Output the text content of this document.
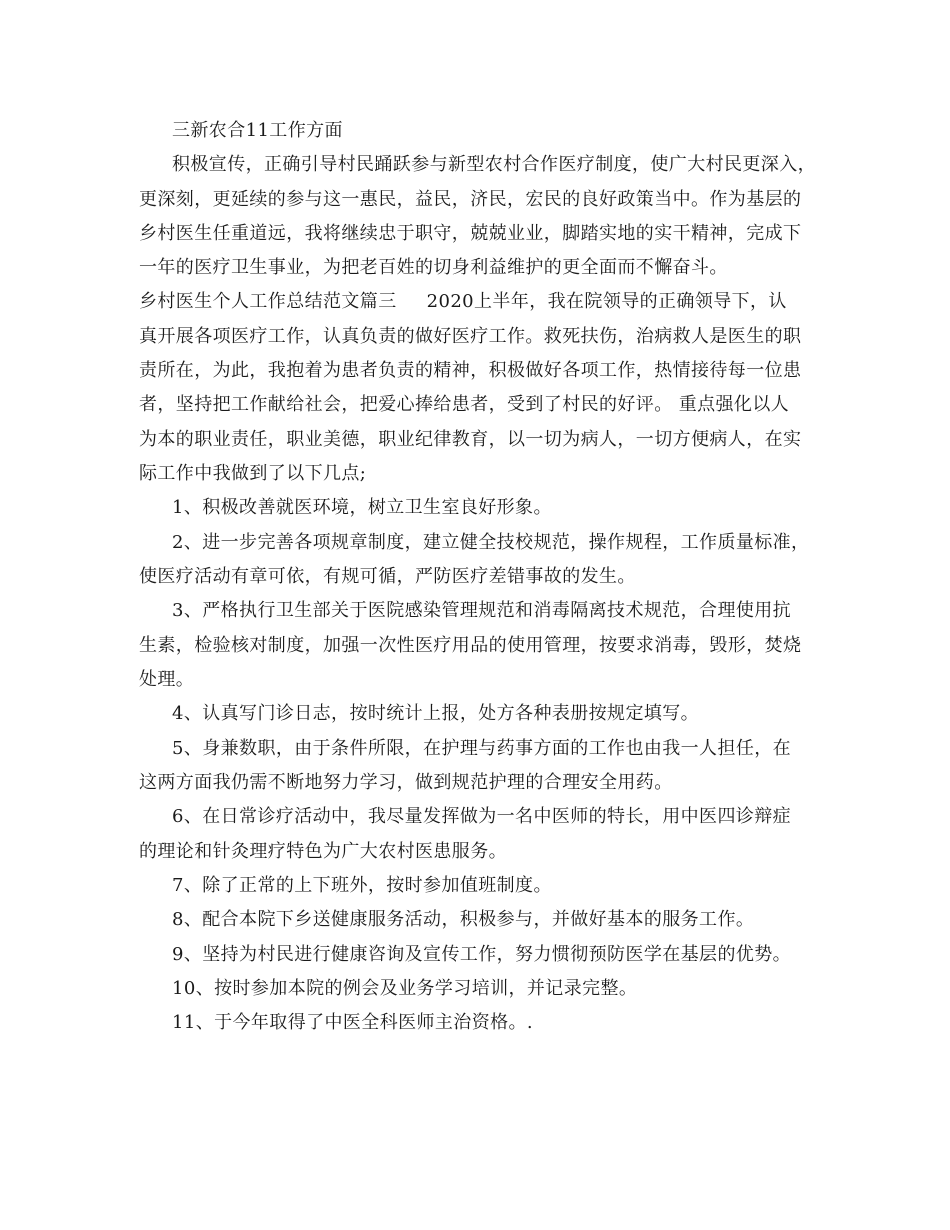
三新农合11工作方面
积极宣传，正确引导村民踊跃参与新型农村合作医疗制度，使广大村民更深入，
更深刻，更延续的参与这一惠民，益民，济民，宏民的良好政策当中。作为基层的
乡村医生任重道远，我将继续忠于职守，兢兢业业，脚踏实地的实干精神，完成下
一年的医疗卫生事业，为把老百姓的切身利益维护的更全面而不懈奋斗。
乡村医生个人工作总结范文篇三 2020上半年，我在院领导的正确领导下，认
真开展各项医疗工作，认真负责的做好医疗工作。救死扶伤，治病救人是医生的职
责所在，为此，我抱着为患者负责的精神，积极做好各项工作，热情接待每一位患
者，坚持把工作献给社会，把爱心捧给患者，受到了村民的好评。 重点强化以人
为本的职业责任，职业美德，职业纪律教育，以一切为病人，一切方便病人，在实
际工作中我做到了以下几点;
1、积极改善就医环境，树立卫生室良好形象。
2、进一步完善各项规章制度，建立健全技校规范，操作规程，工作质量标准，
使医疗活动有章可依，有规可循，严防医疗差错事故的发生。
3、严格执行卫生部关于医院感染管理规范和消毒隔离技术规范，合理使用抗
生素，检验核对制度，加强一次性医疗用品的使用管理，按要求消毒，毁形，焚烧
处理。
4、认真写门诊日志，按时统计上报，处方各种表册按规定填写。
5、身兼数职，由于条件所限，在护理与药事方面的工作也由我一人担任，在
这两方面我仍需不断地努力学习，做到规范护理的合理安全用药。
6、在日常诊疗活动中，我尽量发挥做为一名中医师的特长，用中医四诊辩症
的理论和针灸理疗特色为广大农村医患服务。
7、除了正常的上下班外，按时参加值班制度。
8、配合本院下乡送健康服务活动，积极参与，并做好基本的服务工作。
9、坚持为村民进行健康咨询及宣传工作，努力惯彻预防医学在基层的优势。
10、按时参加本院的例会及业务学习培训，并记录完整。
11、于今年取得了中医全科医师主治资格。.
